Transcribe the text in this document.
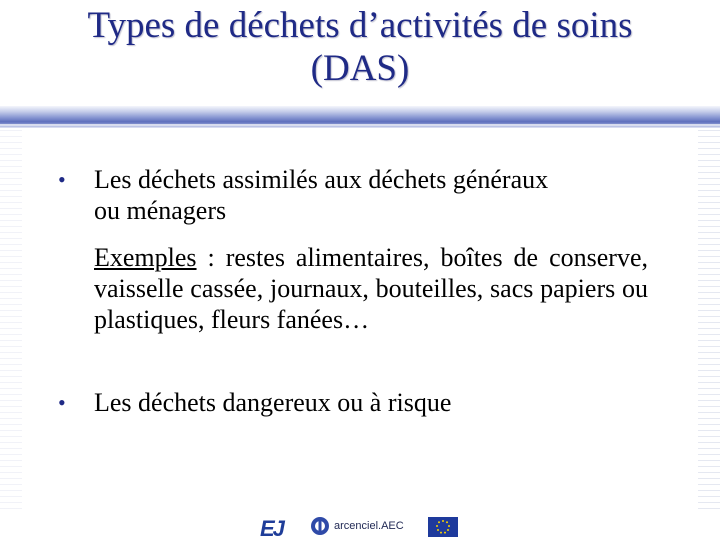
Types de déchets d’activités de soins
(DAS)
• Les déchets assimilés aux déchets généraux
ou ménagers
Exemples : restes alimentaires, boîtes de conserve, vaisselle cassée, journaux, bouteilles, sacs papiers ou plastiques, fleurs fanées…
• Les déchets dangereux ou à risque
EJ	arcenciel.AEC
